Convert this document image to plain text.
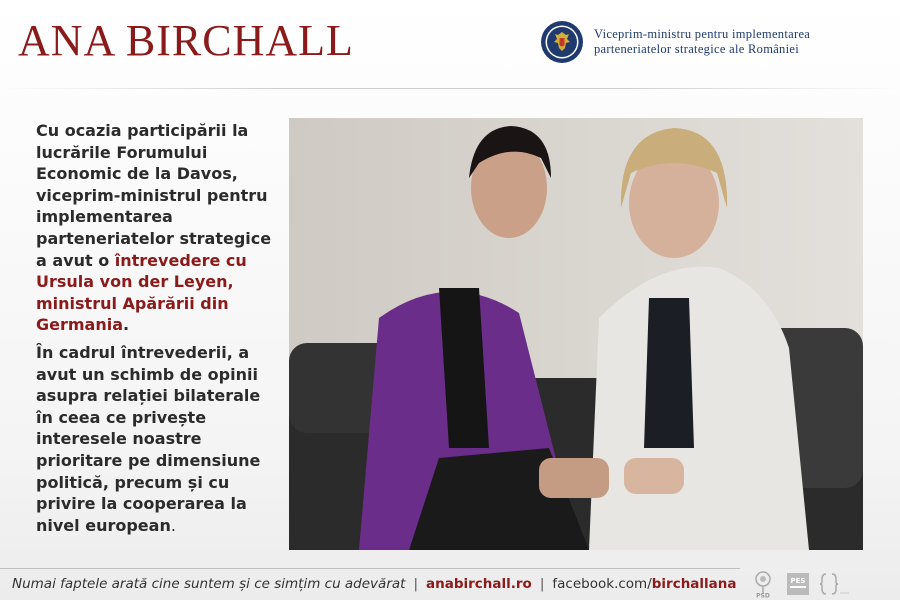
ANA BIRCHALL	Viceprim-ministru pentru implementarea
parteneriatelor strategice ale României

Cu ocazia participării la lucrările Forumului Economic de la Davos, viceprim-ministrul pentru implementarea parteneriatelor strategice a avut o întrevedere cu Ursula von der Leyen, ministrul Apărării din Germania.

În cadrul întrevederii, a avut un schimb de opinii asupra relației bilaterale în ceea ce privește interesele noastre prioritare pe dimensiune politică, precum și cu privire la cooperarea la nivel european.

Numai faptele arată cine suntem și ce simțim cu adevărat | anabirchall.ro | facebook.com/birchallana
PSD
PES
